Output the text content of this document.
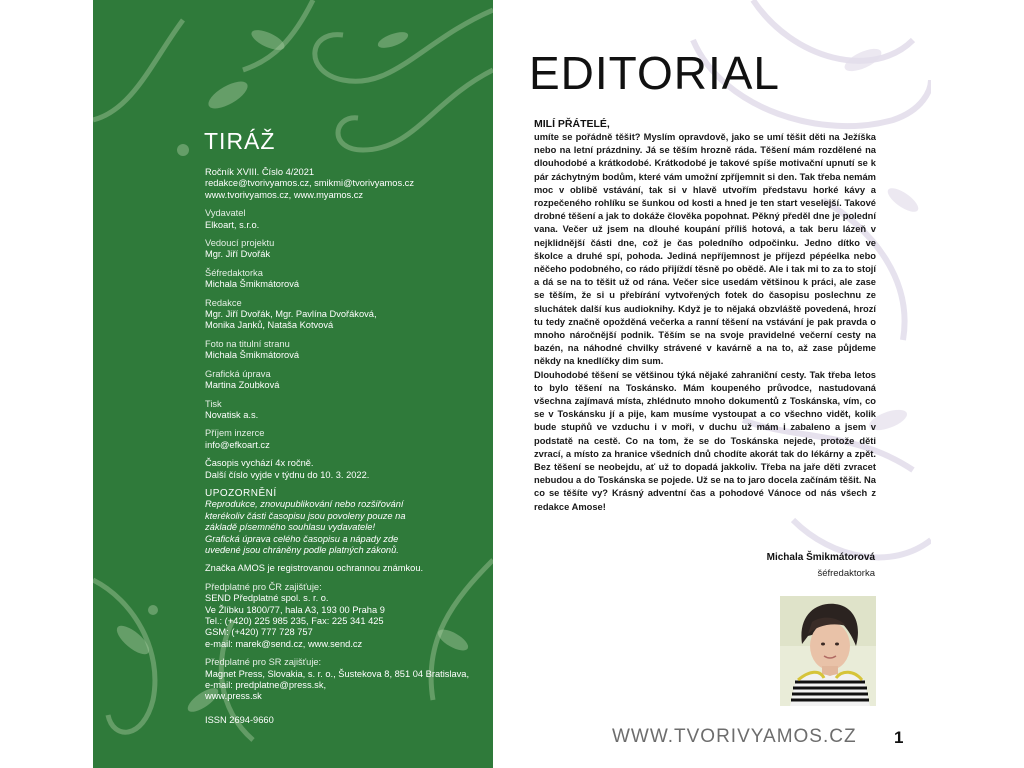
TIRÁŽ
Ročník XVIII. Číslo 4/2021
redakce@tvorivyamos.cz, smikmi@tvorivyamos.cz
www.tvorivyamos.cz, www.myamos.cz
Vydavatel
Elkoart, s.r.o.
Vedoucí projektu
Mgr. Jiří Dvořák
Šéfredaktorka
Michala Šmikmátorová
Redakce
Mgr. Jiří Dvořák, Mgr. Pavlína Dvořáková,
Monika Janků, Nataša Kotvová
Foto na titulní stranu
Michala Šmikmátorová
Grafická úprava
Martina Zoubková
Tisk
Novatisk a.s.
Příjem inzerce
info@efkoart.cz
Časopis vychází 4x ročně.
Další číslo vyjde v týdnu do 10. 3. 2022.
UPOZORNĚNÍ
Reprodukce, znovupublikování nebo rozšiřování
kterékoliv části časopisu jsou povoleny pouze na
základě písemného souhlasu vydavatele!
Grafická úprava celého časopisu a nápady zde
uvedené jsou chráněny podle platných zákonů.
Značka AMOS je registrovanou ochrannou známkou.
Předplatné pro ČR zajišťuje:
SEND Předplatné spol. s. r. o.
Ve Žlíbku 1800/77, hala A3, 193 00 Praha 9
Tel.: (+420) 225 985 235, Fax: 225 341 425
GSM: (+420) 777 728 757
e-mail: marek@send.cz, www.send.cz
Předplatné pro SR zajišťuje:
Magnet Press, Slovakia, s. r. o., Šustekova 8, 851 04 Bratislava,
e-mail: predplatne@press.sk,
www.press.sk
ISSN 2694-9660
EDITORIAL
MILÍ PŘÁTELÉ,

umíte se pořádně těšit? Myslím opravdově, jako se umí těšit děti na Ježíška nebo na letní prázdniny. Já se těším hrozně ráda. Těšení mám rozdělené na dlouhodobé a krátkodobé. Krátkodobé je takové spíše motivační upnutí se k pár záchytným bodům, které vám umožní zpříjemnit si den. Tak třeba nemám moc v oblibě vstávání, tak si v hlavě utvořím představu horké kávy a rozpečeného rohlíku se šunkou od kosti a hned je ten start veselejší. Takové drobné těšení a jak to dokáže člověka popohnat. Pěkný předěl dne je polední vana. Večer už jsem na dlouhé koupání příliš hotová, a tak beru lázeň v nejklidnější části dne, což je čas poledního odpočinku. Jedno dítko ve školce a druhé spí, pohoda. Jediná nepříjemnost je příjezd pépéelka nebo něčeho podobného, co rádo přijíždí těsně po obědě. Ale i tak mi to za to stojí a dá se na to těšit už od rána. Večer sice usedám většinou k práci, ale zase se těším, že si u přebírání vytvořených fotek do časopisu poslechnu ze sluchátek další kus audioknihy. Když je to nějaká obzvláště povedená, hrozí tu tedy značně opožděná večerka a ranní těšení na vstávání je pak pravda o mnoho náročnější podnik. Těším se na svoje pravidelné večerní cesty na bazén, na náhodné chvilky strávené v kavárně a na to, až zase půjdeme někdy na knedlíčky dim sum.

Dlouhodobé těšení se většinou týká nějaké zahraniční cesty. Tak třeba letos to bylo těšení na Toskánsko. Mám koupeného průvodce, nastudovaná všechna zajímavá místa, zhlédnuto mnoho dokumentů z Toskánska, vím, co se v Toskánsku jí a pije, kam musíme vystoupat a co všechno vidět, kolik bude stupňů ve vzduchu i v moři, v duchu už mám i zabaleno a jsem v podstatě na cestě. Co na tom, že se do Toskánska nejede, protože děti zvrací, a místo za hranice všedních dnů chodíte akorát tak do lékárny a zpět. Bez těšení se neobejdu, ať už to dopadá jakkoliv. Třeba na jaře děti zvracet nebudou a do Toskánska se pojede. Už se na to jaro docela začínám těšit. Na co se těšíte vy? Krásný adventní čas a pohodové Vánoce od nás všech z redakce Amose!

Michala Šmikmátorová
šéfredaktorka
WWW.TVORIVYAMOS.CZ 1
